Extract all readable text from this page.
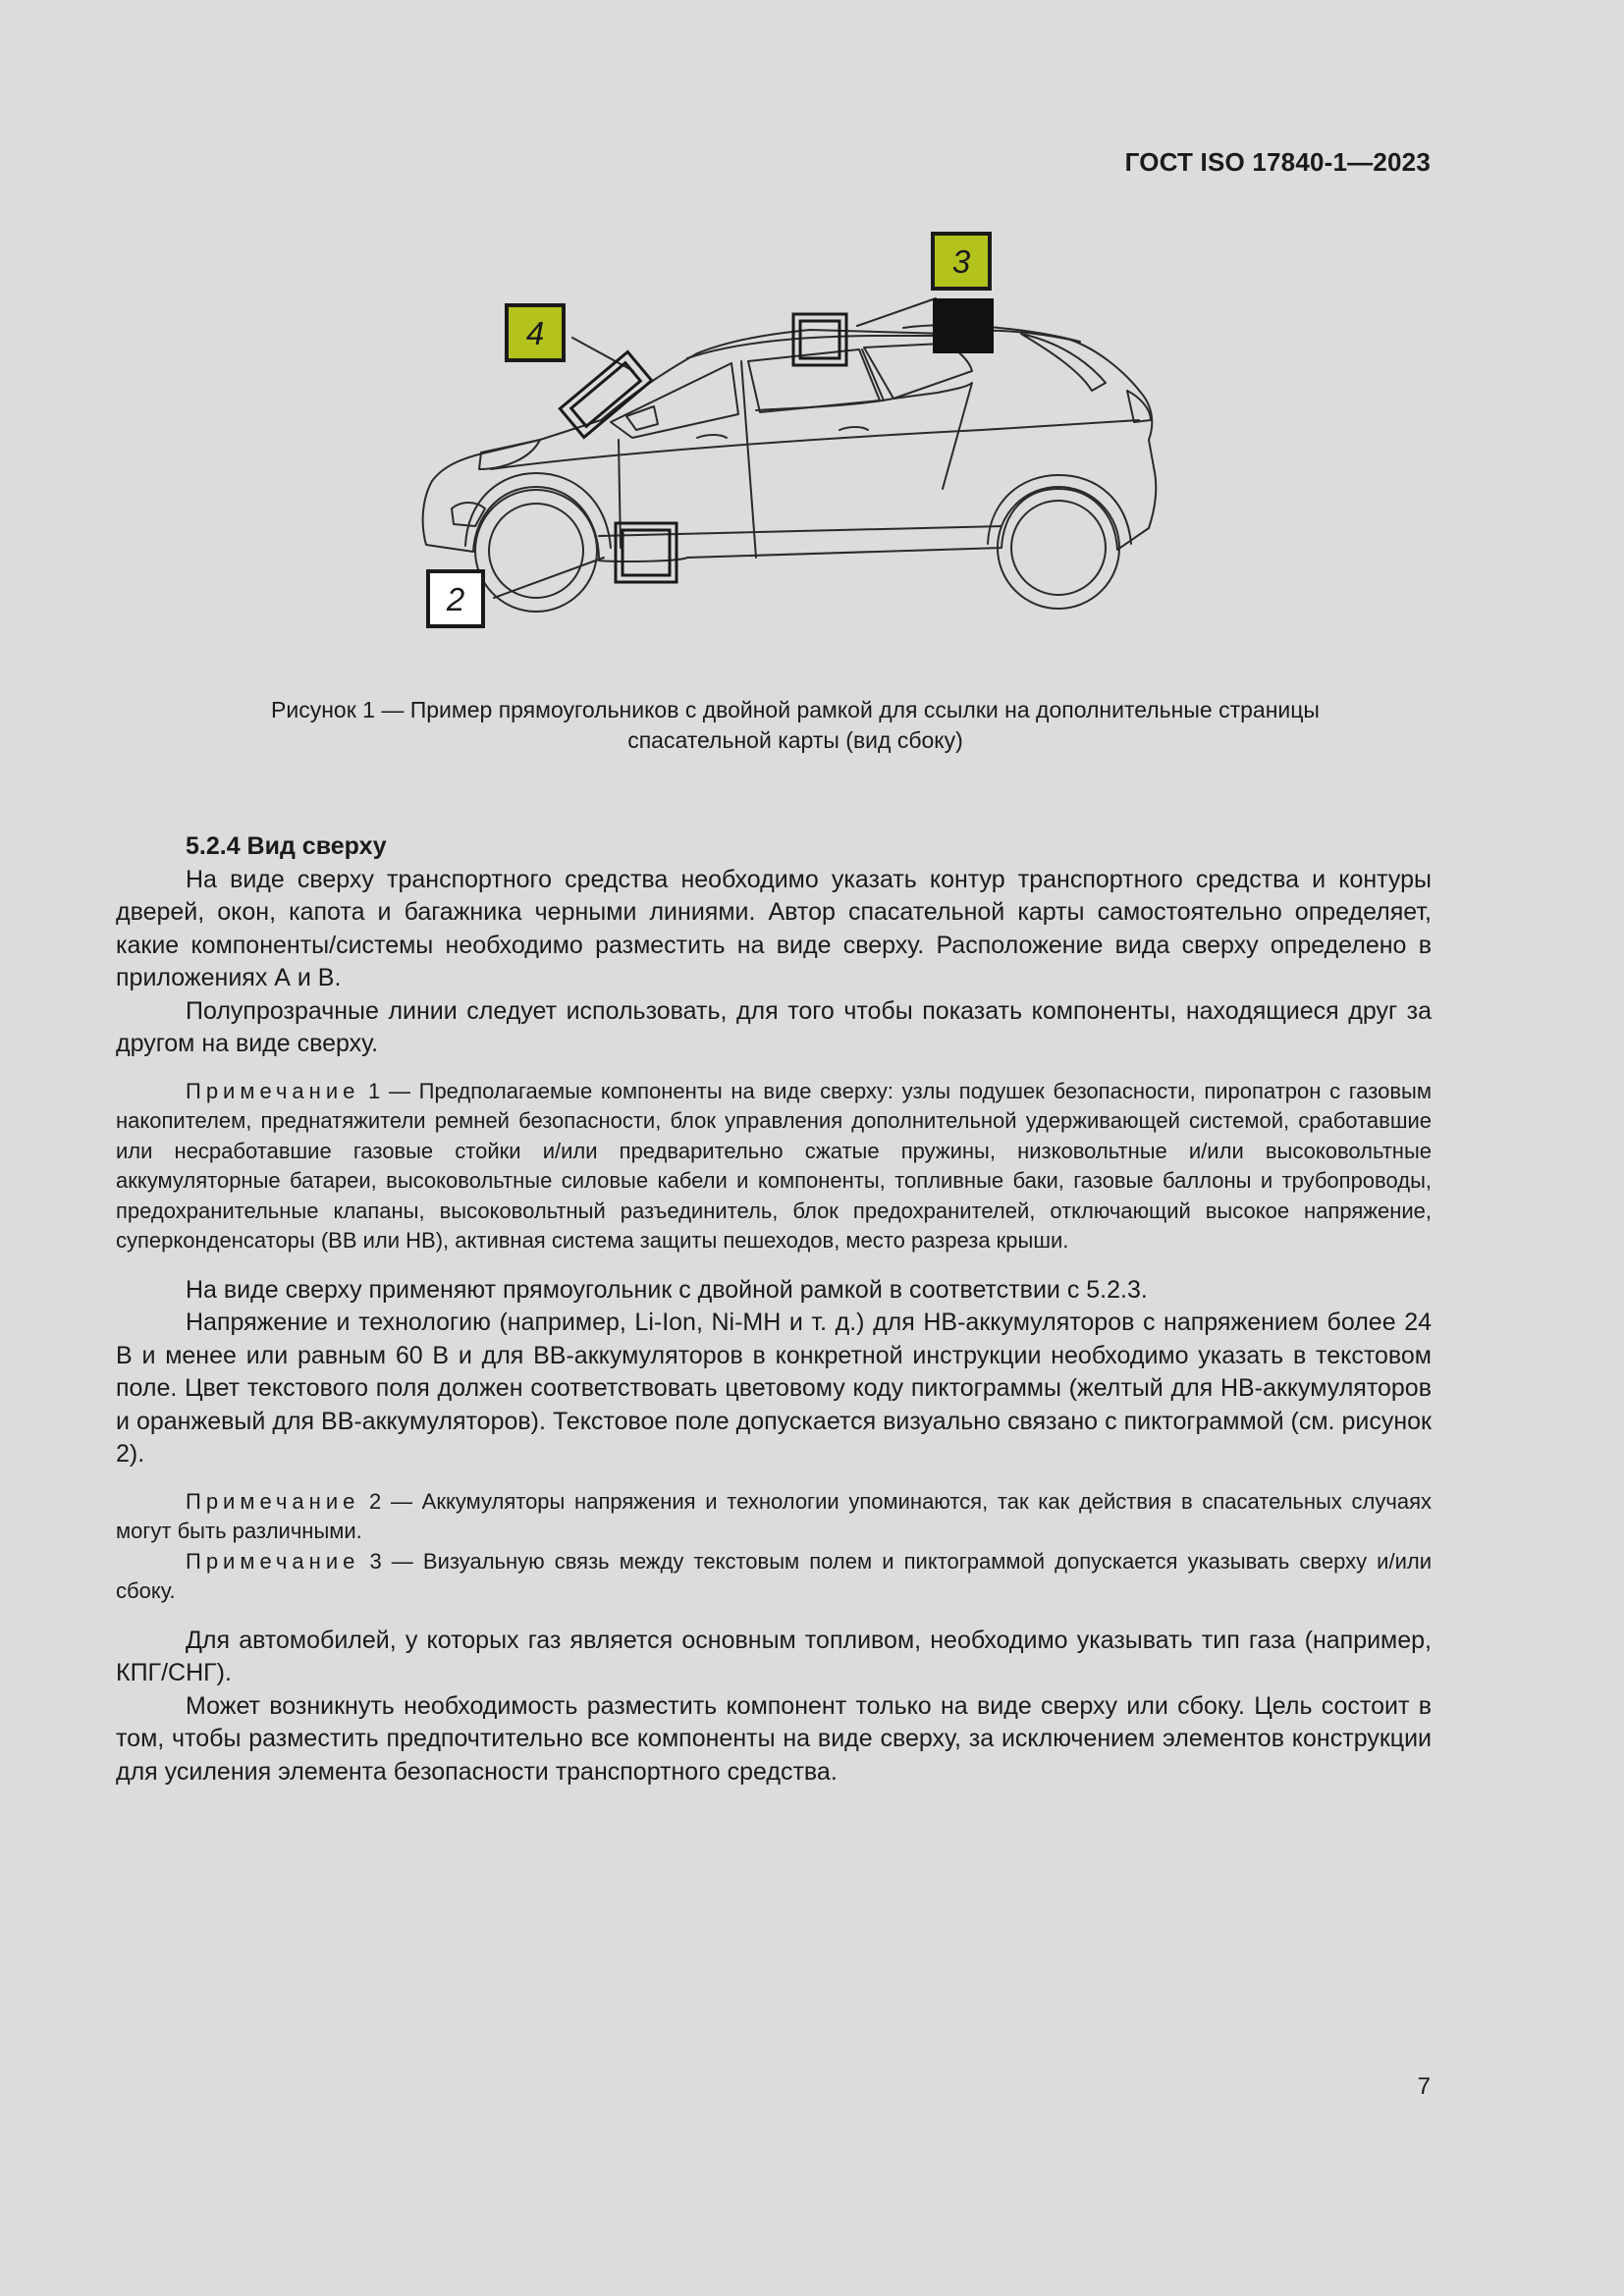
ГОСТ ISO 17840-1—2023
4
3
2
Рисунок 1 — Пример прямоугольников с двойной рамкой для ссылки на дополнительные страницы
спасательной карты (вид сбоку)

5.2.4 Вид сверху

На виде сверху транспортного средства необходимо указать контур транспортного средства и контуры дверей, окон, капота и багажника черными линиями. Автор спасательной карты самостоятельно определяет, какие компоненты/системы необходимо разместить на виде сверху. Расположение вида сверху определено в приложениях А и В.

Полупрозрачные линии следует использовать, для того чтобы показать компоненты, находящиеся друг за другом на виде сверху.

Примечание 1 — Предполагаемые компоненты на виде сверху: узлы подушек безопасности, пиропатрон с газовым накопителем, преднатяжители ремней безопасности, блок управления дополнительной удерживающей системой, сработавшие или несработавшие газовые стойки и/или предварительно сжатые пружины, низковольтные и/или высоковольтные аккумуляторные батареи, высоковольтные силовые кабели и компоненты, топливные баки, газовые баллоны и трубопроводы, предохранительные клапаны, высоковольтный разъединитель, блок предохранителей, отключающий высокое напряжение, суперконденсаторы (ВВ или НВ), активная система защиты пешеходов, место разреза крыши.

На виде сверху применяют прямоугольник с двойной рамкой в соответствии с 5.2.3.

Напряжение и технологию (например, Li-Ion, Ni-MH и т. д.) для НВ-аккумуляторов с напряжением более 24 В и менее или равным 60 В и для ВВ-аккумуляторов в конкретной инструкции необходимо указать в текстовом поле. Цвет текстового поля должен соответствовать цветовому коду пиктограммы (желтый для НВ-аккумуляторов и оранжевый для ВВ-аккумуляторов). Текстовое поле допускается визуально связано с пиктограммой (см. рисунок 2).

Примечание 2 — Аккумуляторы напряжения и технологии упоминаются, так как действия в спасательных случаях могут быть различными.

Примечание 3 — Визуальную связь между текстовым полем и пиктограммой допускается указывать сверху и/или сбоку.

Для автомобилей, у которых газ является основным топливом, необходимо указывать тип газа (например, КПГ/СНГ).

Может возникнуть необходимость разместить компонент только на виде сверху или сбоку. Цель состоит в том, чтобы разместить предпочтительно все компоненты на виде сверху, за исключением элементов конструкции для усиления элемента безопасности транспортного средства.

7
